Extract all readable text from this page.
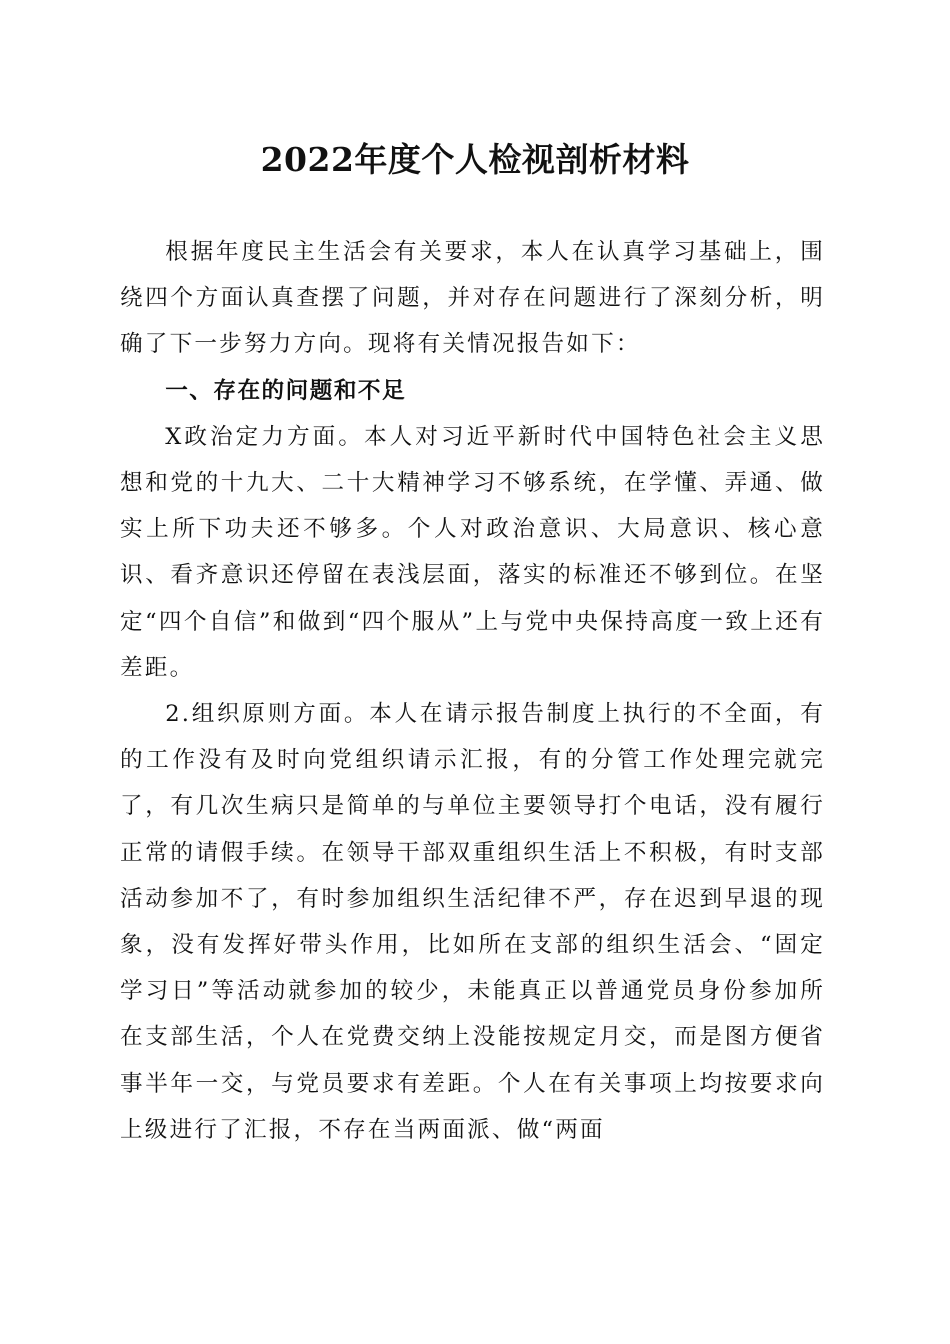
2022年度个人检视剖析材料

根据年度民主生活会有关要求，本人在认真学习基础上，围绕四个方面认真查摆了问题，并对存在问题进行了深刻分析，明确了下一步努力方向。现将有关情况报告如下：

一、存在的问题和不足

X政治定力方面。本人对习近平新时代中国特色社会主义思想和党的十九大、二十大精神学习不够系统，在学懂、弄通、做实上所下功夫还不够多。个人对政治意识、大局意识、核心意识、看齐意识还停留在表浅层面，落实的标准还不够到位。在坚定“四个自信”和做到“四个服从”上与党中央保持高度一致上还有差距。

2.组织原则方面。本人在请示报告制度上执行的不全面，有的工作没有及时向党组织请示汇报，有的分管工作处理完就完了，有几次生病只是简单的与单位主要领导打个电话，没有履行正常的请假手续。在领导干部双重组织生活上不积极，有时支部活动参加不了，有时参加组织生活纪律不严，存在迟到早退的现象，没有发挥好带头作用，比如所在支部的组织生活会、“固定学习日”等活动就参加的较少，未能真正以普通党员身份参加所在支部生活，个人在党费交纳上没能按规定月交，而是图方便省事半年一交，与党员要求有差距。个人在有关事项上均按要求向上级进行了汇报，不存在当两面派、做“两面
